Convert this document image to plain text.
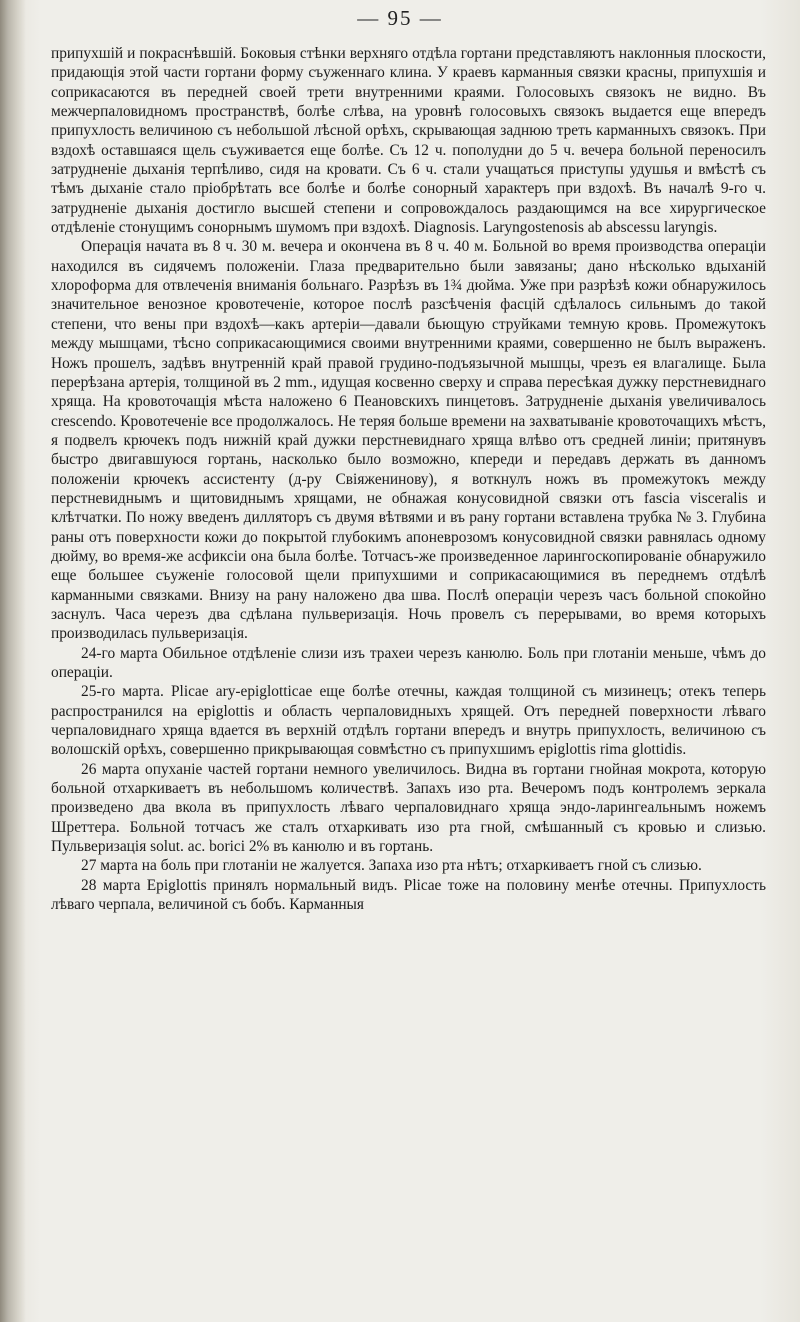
— 95 —

припухшій и покраснѣвшій. Боковыя стѣнки верхняго отдѣла гортани представляютъ наклонныя плоскости, придающія этой части гортани форму съуженнаго клина. У краевъ карманныя связки красны, припухшія и соприкасаются въ передней своей трети внутренними краями. Голосовыхъ связокъ не видно. Въ межчерпаловидномъ пространствѣ, болѣе слѣва, на уровнѣ голосовыхъ связокъ выдается еще впередъ припухлость величиною съ небольшой лѣсной орѣхъ, скрывающая заднюю треть карманныхъ связокъ. При вздохѣ оставшаяся щель съуживается еще болѣе. Съ 12 ч. пополудни до 5 ч. вечера больной переносилъ затрудненіе дыханія терпѣливо, сидя на кровати. Съ 6 ч. стали учащаться приступы удушья и вмѣстѣ съ тѣмъ дыханіе стало пріобрѣтать все болѣе и болѣе сонорный характеръ при вздохѣ. Въ началѣ 9-го ч. затрудненіе дыханія достигло высшей степени и сопровождалось раздающимся на все хирургическое отдѣленіе стонущимъ сонорнымъ шумомъ при вздохѣ. Diagnosis. Laryngostenosis ab abscessu laryngis.

Операція начата въ 8 ч. 30 м. вечера и окончена въ 8 ч. 40 м. Больной во время производства операціи находился въ сидячемъ положеніи. Глаза предварительно были завязаны; дано нѣсколько вдыханій хлороформа для отвлеченія вниманія больнаго. Разрѣзъ въ 1¾ дюйма. Уже при разрѣзѣ кожи обнаружилось значительное венозное кровотеченіе, которое послѣ разсѣченія фасцій сдѣлалось сильнымъ до такой степени, что вены при вздохѣ—какъ артеріи—давали бьющую струйками темную кровь. Промежутокъ между мышцами, тѣсно соприкасающимися своими внутренними краями, совершенно не былъ выраженъ. Ножъ прошелъ, задѣвъ внутренній край правой грудино-подъязычной мышцы, чрезъ ея влагалище. Была перерѣзана артерія, толщиной въ 2 mm., идущая косвенно сверху и справа пересѣкая дужку перстневиднаго хряща. На кровоточащія мѣста наложено 6 Пеановскихъ пинцетовъ. Затрудненіе дыханія увеличивалось crescendo. Кровотеченіе все продолжалось. Не теряя больше времени на захватываніе кровоточащихъ мѣстъ, я подвелъ крючекъ подъ нижній край дужки перстневиднаго хряща влѣво отъ средней линіи; притянувъ быстро двигавшуюся гортань, насколько было возможно, кпереди и передавъ держать въ данномъ положеніи крючекъ ассистенту (д-ру Свіяженинову), я воткнулъ ножъ въ промежутокъ между перстневиднымъ и щитовиднымъ хрящами, не обнажая конусовидной связки отъ fascia visceralis и клѣтчатки. По ножу введенъ дилляторъ съ двумя вѣтвями и въ рану гортани вставлена трубка № 3. Глубина раны отъ поверхности кожи до покрытой глубокимъ апоневрозомъ конусовидной связки равнялась одному дюйму, во время-же асфиксіи она была болѣе. Тотчасъ-же произведенное ларингоскопированіе обнаружило еще большее съуженіе голосовой щели припухшими и соприкасающимися въ переднемъ отдѣлѣ карманными связками. Внизу на рану наложено два шва. Послѣ операціи черезъ часъ больной спокойно заснулъ. Часа черезъ два сдѣлана пульверизація. Ночь провелъ съ перерывами, во время которыхъ производилась пульверизація.

24-го марта Обильное отдѣленіе слизи изъ трахеи черезъ канюлю. Боль при глотаніи меньше, чѣмъ до операціи.

25-го марта. Plicae ary-epiglotticae еще болѣе отечны, каждая толщиной съ мизинецъ; отекъ теперь распространился на epiglottis и область черпаловидныхъ хрящей. Отъ передней поверхности лѣваго черпаловиднаго хряща вдается въ верхній отдѣлъ гортани впередъ и внутрь припухлость, величиною съ волошскій орѣхъ, совершенно прикрывающая совмѣстно съ припухшимъ epiglottis rima glottidis.

26 марта опуханіе частей гортани немного увеличилось. Видна въ гортани гнойная мокрота, которую больной отхаркиваетъ въ небольшомъ количествѣ. Запахъ изо рта. Вечеромъ подъ контролемъ зеркала произведено два вкола въ припухлость лѣваго черпаловиднаго хряща эндо-ларингеальнымъ ножемъ Шреттера. Больной тотчасъ же сталъ отхаркивать изо рта гной, смѣшанный съ кровью и слизью. Пульверизація solut. ac. borici 2% въ канюлю и въ гортань.

27 марта на боль при глотаніи не жалуется. Запаха изо рта нѣтъ; отхаркиваетъ гной съ слизью.

28 марта Epiglottis принялъ нормальный видъ. Plicae тоже на половину менѣе отечны. Припухлость лѣваго черпала, величиной съ бобъ. Карманныя
